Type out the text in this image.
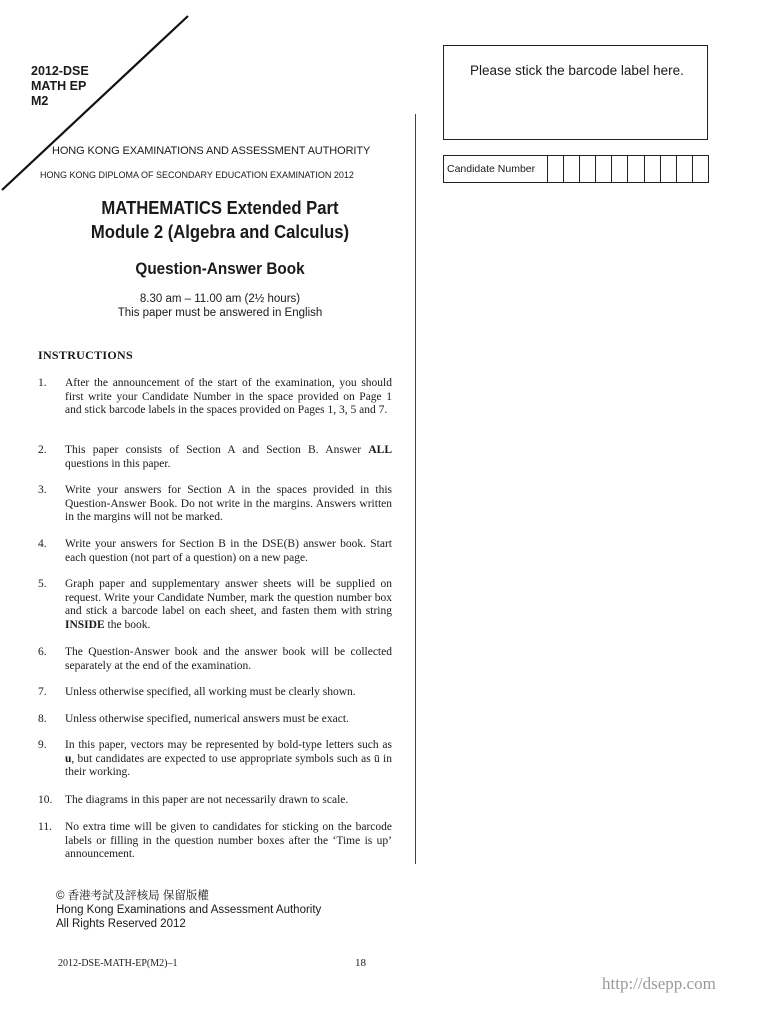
2012-DSE
MATH EP
M2
HONG KONG EXAMINATIONS AND ASSESSMENT AUTHORITY
HONG KONG DIPLOMA OF SECONDARY EDUCATION EXAMINATION 2012
MATHEMATICS Extended Part
Module 2 (Algebra and Calculus)
Question-Answer Book
8.30 am – 11.00 am (2½ hours)
This paper must be answered in English
Please stick the barcode label here.
Candidate Number
INSTRUCTIONS
1. After the announcement of the start of the examination, you should first write your Candidate Number in the space provided on Page 1 and stick barcode labels in the spaces provided on Pages 1, 3, 5 and 7.
2. This paper consists of Section A and Section B. Answer ALL questions in this paper.
3. Write your answers for Section A in the spaces provided in this Question-Answer Book. Do not write in the margins. Answers written in the margins will not be marked.
4. Write your answers for Section B in the DSE(B) answer book. Start each question (not part of a question) on a new page.
5. Graph paper and supplementary answer sheets will be supplied on request. Write your Candidate Number, mark the question number box and stick a barcode label on each sheet, and fasten them with string INSIDE the book.
6. The Question-Answer book and the answer book will be collected separately at the end of the examination.
7. Unless otherwise specified, all working must be clearly shown.
8. Unless otherwise specified, numerical answers must be exact.
9. In this paper, vectors may be represented by bold-type letters such as u, but candidates are expected to use appropriate symbols such as ū in their working.
10. The diagrams in this paper are not necessarily drawn to scale.
11. No extra time will be given to candidates for sticking on the barcode labels or filling in the question number boxes after the ‘Time is up’ announcement.
© 香港考試及評核局 保留版權
Hong Kong Examinations and Assessment Authority
All Rights Reserved 2012
2012-DSE-MATH-EP(M2)–1	18
http://dsepp.com
